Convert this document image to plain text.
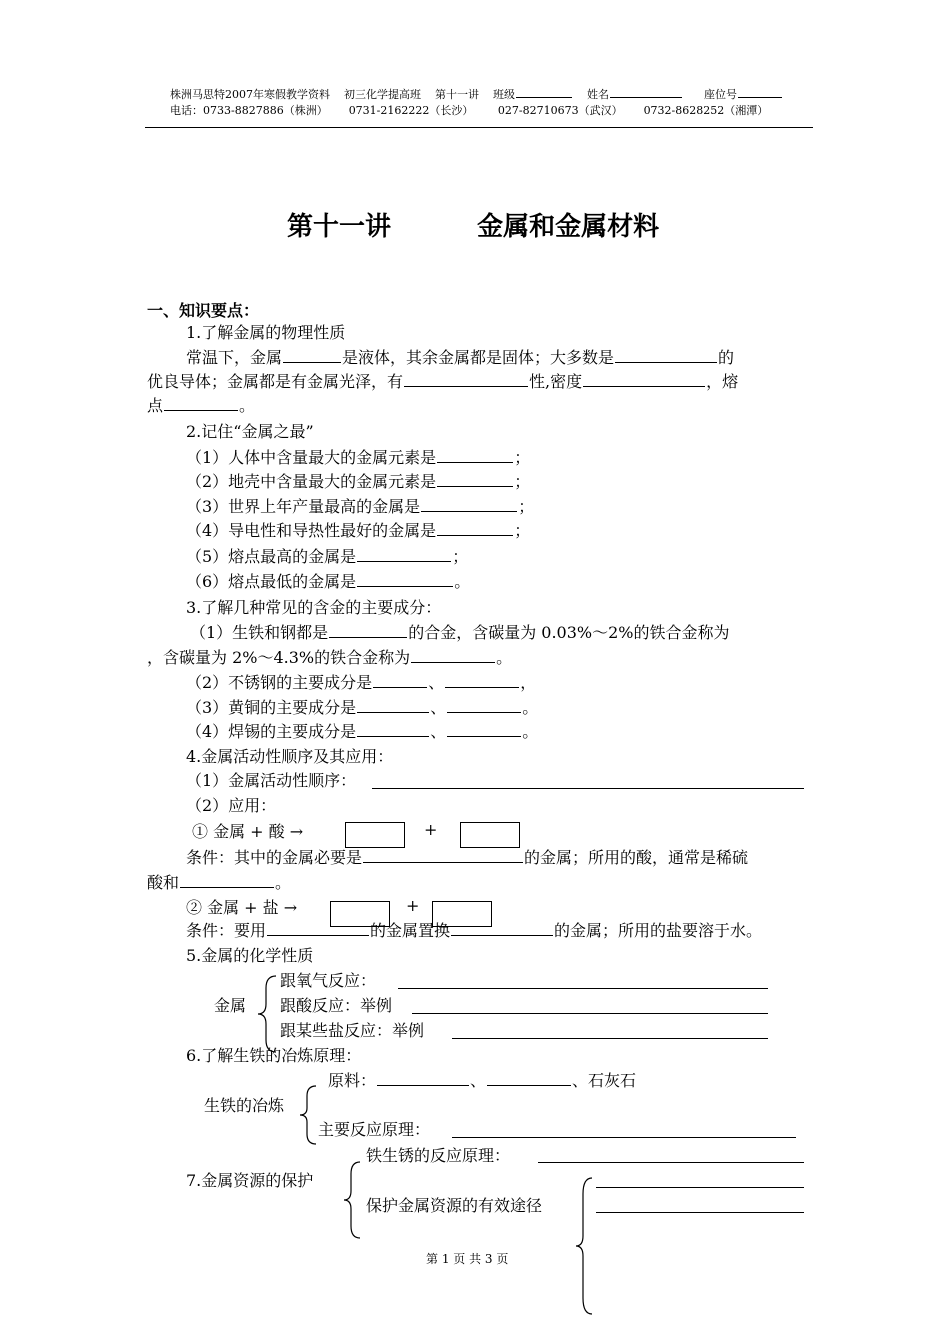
株洲马思特2007年寒假教学资料 初三化学提高班 第十一讲 班级	姓名	座位号
电话：0733-8827886（株洲） 0731-2162222（长沙） 027-82710673（武汉） 0732-8628252（湘潭）
第十一讲	金属和金属材料
一、知识要点：
1.了解金属的物理性质
常温下，金属	是液体，其余金属都是固体；大多数是	的
优良导体；金属都是有金属光泽，有	性,密度	，熔
点	。
2.记住“金属之最”
（1）人体中含量最大的金属元素是	；
（2）地壳中含量最大的金属元素是	；
（3）世界上年产量最高的金属是	；
（4）导电性和导热性最好的金属是	；
（5）熔点最高的金属是	；
（6）熔点最低的金属是	。
3.了解几种常见的含金的主要成分：
（1）生铁和钢都是	的合金，含碳量为 0.03%～2%的铁合金称为
，含碳量为 2%～4.3%的铁合金称为	。
（2）不锈钢的主要成分是	、	，
（3）黄铜的主要成分是	、	。
（4）焊锡的主要成分是	、	。
4.金属活动性顺序及其应用：
（1）金属活动性顺序：
（2）应用：
① 金属 + 酸 →	+
条件：其中的金属必要是	的金属；所用的酸，通常是稀硫
酸和	。
② 金属 + 盐 →	+
条件：要用	的金属置换	的金属；所用的盐要溶于水。
5.金属的化学性质
金属
跟氧气反应：
跟酸反应：举例
跟某些盐反应：举例
6.了解生铁的冶炼原理：
生铁的冶炼
原料：	、	、石灰石
主要反应原理：
7.金属资源的保护
铁生锈的反应原理：
保护金属资源的有效途径
第 1 页 共 3 页
